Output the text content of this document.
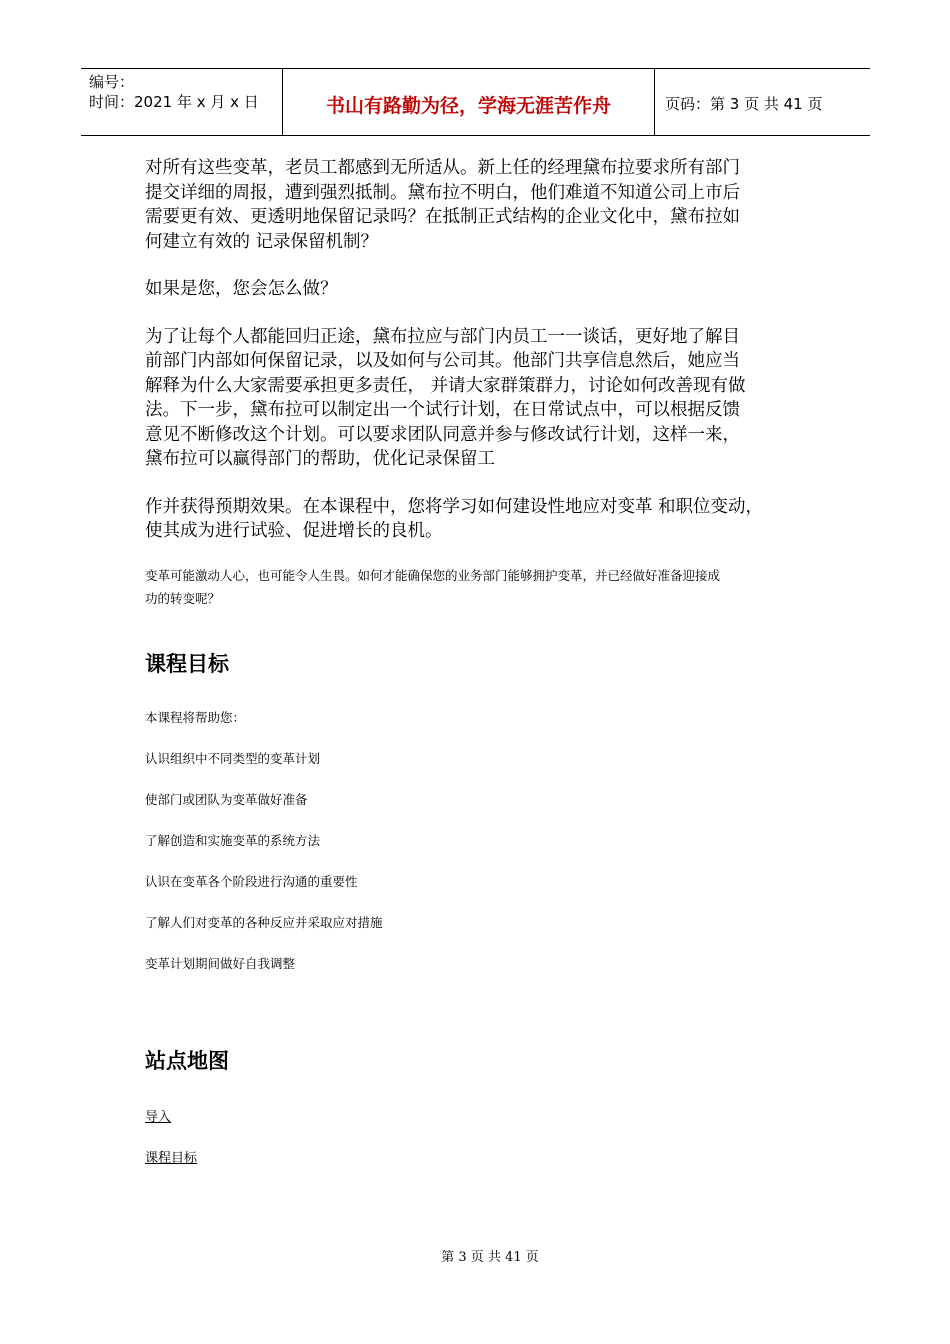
编号：
时间：2021 年 x 月 x 日	书山有路勤为径，学海无涯苦作舟	页码：第 3 页 共 41 页

对所有这些变革，老员工都感到无所适从。新上任的经理黛布拉要求所有部门
提交详细的周报，遭到强烈抵制。黛布拉不明白，他们难道不知道公司上市后
需要更有效、更透明地保留记录吗？在抵制正式结构的企业文化中，黛布拉如
何建立有效的 记录保留机制？

如果是您，您会怎么做？

为了让每个人都能回归正途，黛布拉应与部门内员工一一谈话，更好地了解目
前部门内部如何保留记录，以及如何与公司其。他部门共享信息然后，她应当
解释为什么大家需要承担更多责任， 并请大家群策群力，讨论如何改善现有做
法。下一步，黛布拉可以制定出一个试行计划，在日常试点中，可以根据反馈
意见不断修改这个计划。可以要求团队同意并参与修改试行计划，这样一来，
黛布拉可以赢得部门的帮助，优化记录保留工

作并获得预期效果。在本课程中，您将学习如何建设性地应对变革 和职位变动，
使其成为进行试验、促进增长的良机。

变革可能激动人心，也可能令人生畏。如何才能确保您的业务部门能够拥护变革，并已经做好准备迎接成
功的转变呢？

课程目标

本课程将帮助您：

认识组织中不同类型的变革计划

使部门或团队为变革做好准备

了解创造和实施变革的系统方法

认识在变革各个阶段进行沟通的重要性

了解人们对变革的各种反应并采取应对措施

变革计划期间做好自我调整

站点地图

导入

课程目标

第 3 页 共 41 页
